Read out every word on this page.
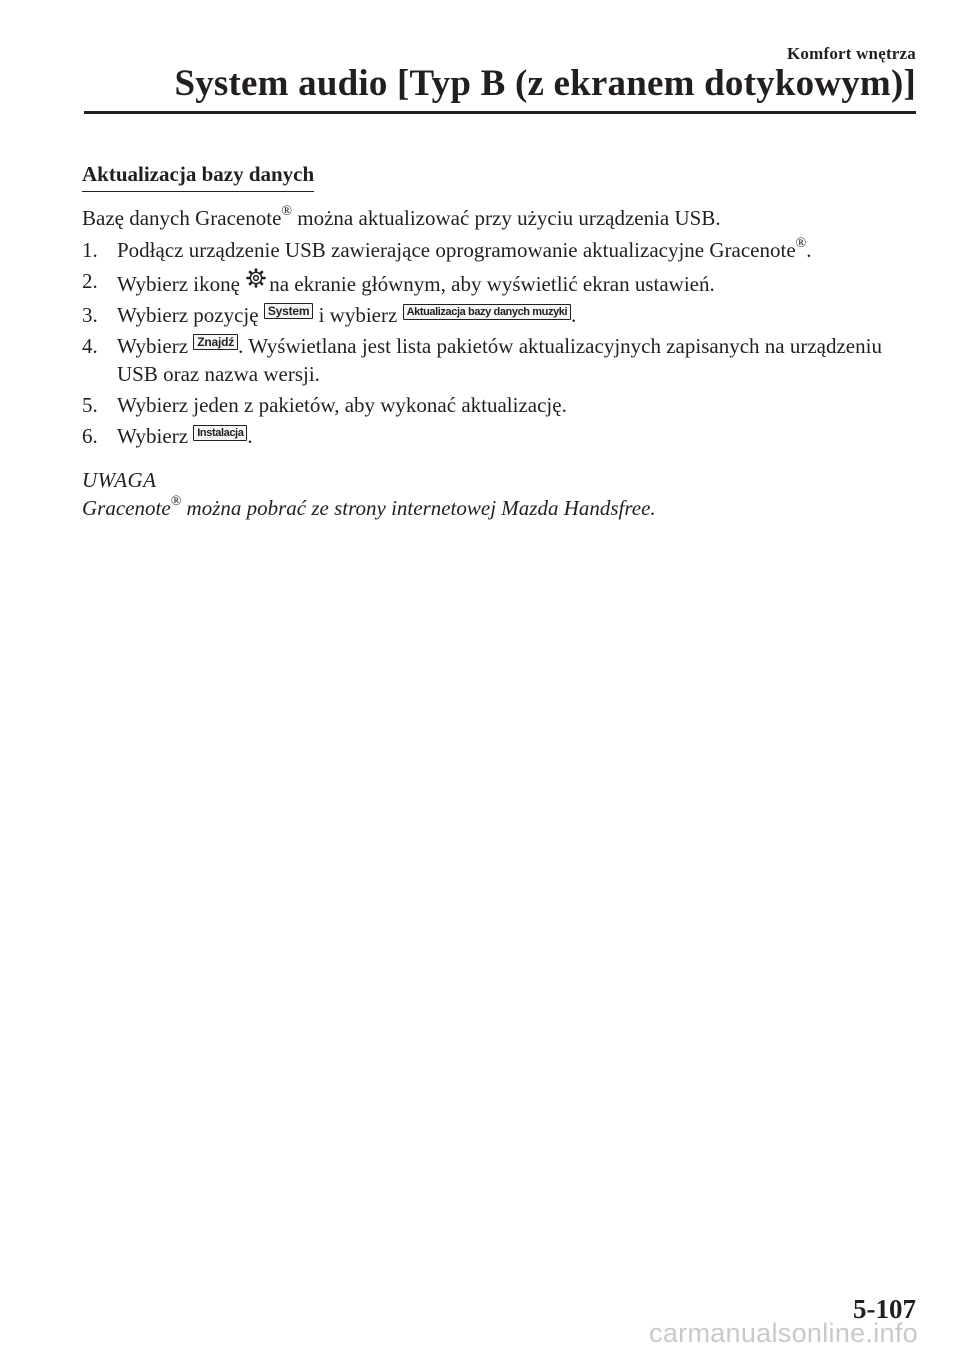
Komfort wnętrza
System audio [Typ B (z ekranem dotykowym)]
Aktualizacja bazy danych

Bazę danych Gracenote® można aktualizować przy użyciu urządzenia USB.

1. Podłącz urządzenie USB zawierające oprogramowanie aktualizacyjne Gracenote®.
2. Wybierz ikonę na ekranie głównym, aby wyświetlić ekran ustawień.
3. Wybierz pozycję System i wybierz Aktualizacja bazy danych muzyki .
4. Wybierz Znajdź . Wyświetlana jest lista pakietów aktualizacyjnych zapisanych na urządzeniu USB oraz nazwa wersji.
5. Wybierz jeden z pakietów, aby wykonać aktualizację.
6. Wybierz Instalacja .

UWAGA

Gracenote® można pobrać ze strony internetowej Mazda Handsfree.

5-107
carmanualsonline.info
